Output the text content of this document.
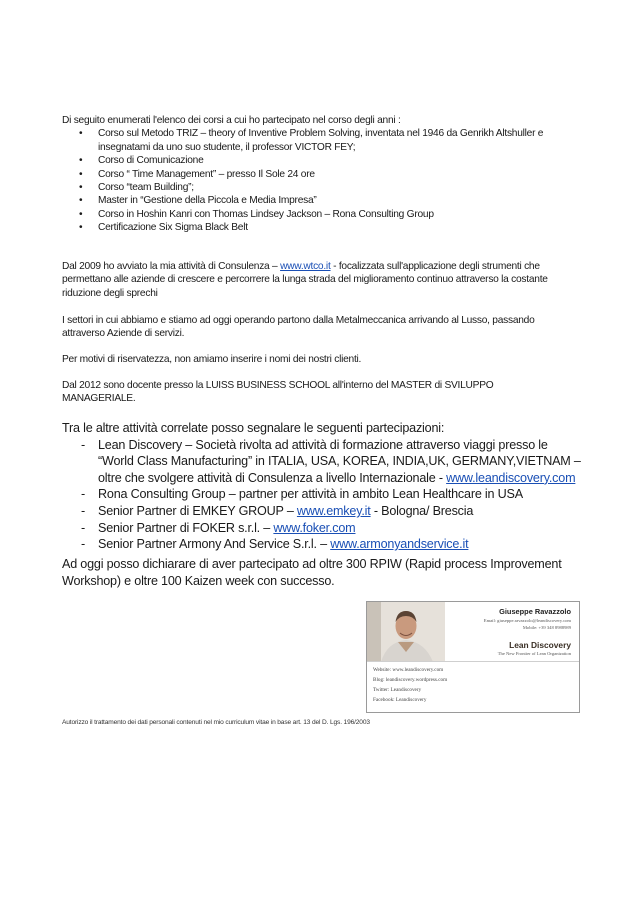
Di seguito enumerati l'elenco dei corsi a cui ho partecipato nel corso degli anni :

• Corso sul Metodo TRIZ – theory of Inventive Problem Solving, inventata nel 1946 da Genrikh Altshuller e insegnatami da uno suo studente, il professor VICTOR FEY;
• Corso di Comunicazione
• Corso “ Time Management” – presso Il Sole 24 ore
• Corso “team Building”;
• Master in “Gestione della Piccola e Media Impresa”
• Corso in Hoshin Kanri con Thomas Lindsey Jackson – Rona Consulting Group
• Certificazione Six Sigma Black Belt

Dal 2009 ho avviato la mia attività di Consulenza – www.wtco.it - focalizzata sull'applicazione degli strumenti che permettano alle aziende di crescere e percorrere la lunga strada del miglioramento continuo attraverso la costante riduzione degli sprechi

I settori in cui abbiamo e stiamo ad oggi operando partono dalla Metalmeccanica arrivando al Lusso, passando attraverso Aziende di servizi.

Per motivi di riservatezza, non amiamo inserire i nomi dei nostri clienti.

Dal 2012 sono docente presso la LUISS BUSINESS SCHOOL all'interno del MASTER di SVILUPPO MANAGERIALE.

Tra le altre attività correlate posso segnalare le seguenti partecipazioni:

- Lean Discovery – Società rivolta ad attività di formazione attraverso viaggi presso le “World Class Manufacturing” in ITALIA, USA, KOREA, INDIA,UK, GERMANY,VIETNAM – oltre che svolgere attività di Consulenza a livello Internazionale - www.leandiscovery.com
- Rona Consulting Group – partner per attività in ambito Lean Healthcare in USA
- Senior Partner di EMKEY GROUP – www.emkey.it - Bologna/ Brescia
- Senior Partner di FOKER s.r.l. – www.foker.com
- Senior Partner Armony And Service S.r.l. – www.armonyandservice.it

Ad oggi posso dichiarare di aver partecipato ad oltre 300 RPIW (Rapid process Improvement Workshop) e oltre 100 Kaizen week con successo.

Giuseppe Ravazzolo
Email: giuseppe.ravazzolo@leandiscovery.com
Mobile: +39 348 8988989
Lean Discovery
The New Frontier of Lean Organization
Website: www.leandiscovery.com
Blog: leandiscovery.wordpress.com
Twitter: Leandiscovery
Facebook: Leandiscovery
Autorizzo il trattamento dei dati personali contenuti nel mio curriculum vitae in base art. 13 del D. Lgs. 196/2003
